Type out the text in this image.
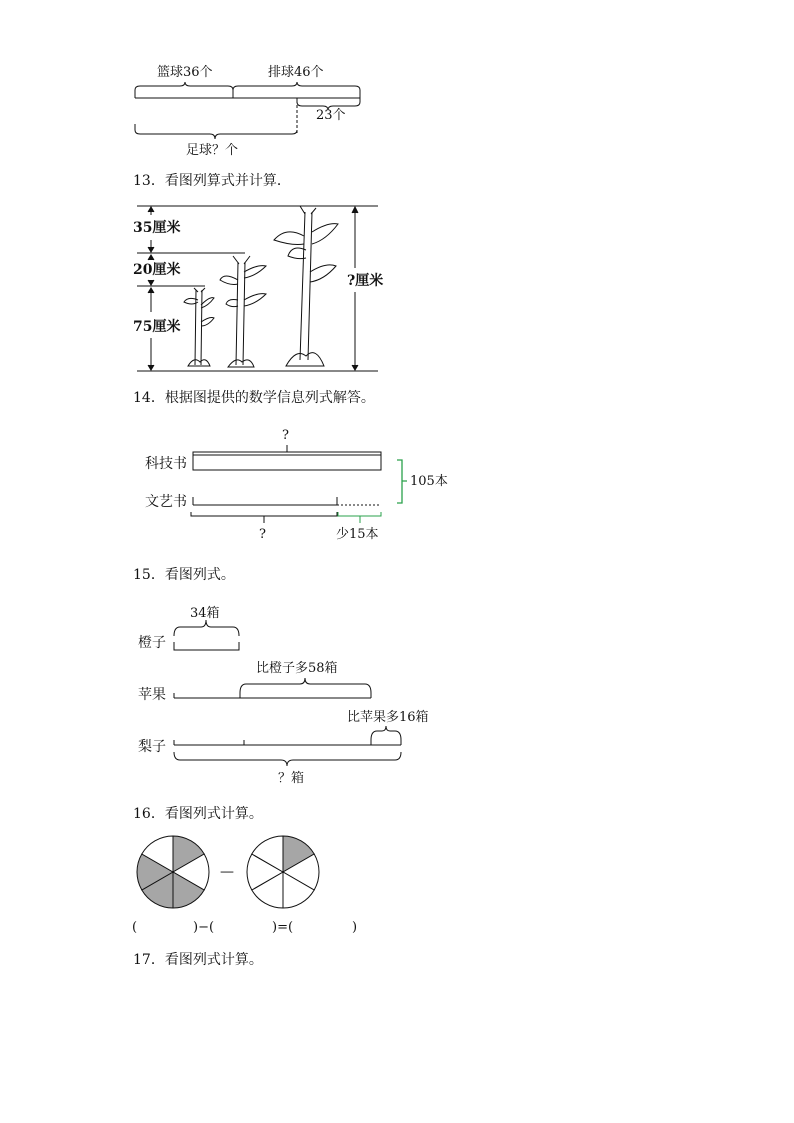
篮球36个	排球46个
23个
足球？个
13．看图列算式并计算．
35厘米
20厘米
75厘米
?厘米
14．根据图提供的数学信息列式解答。
?
科技书
文艺书
105本
?	少15本
15．看图列式。
34箱
橙子
比橙子多58箱
苹果
比苹果多16箱
梨子
？箱
16．看图列式计算。
—
(	)−(	)=(	)
17．看图列式计算。
